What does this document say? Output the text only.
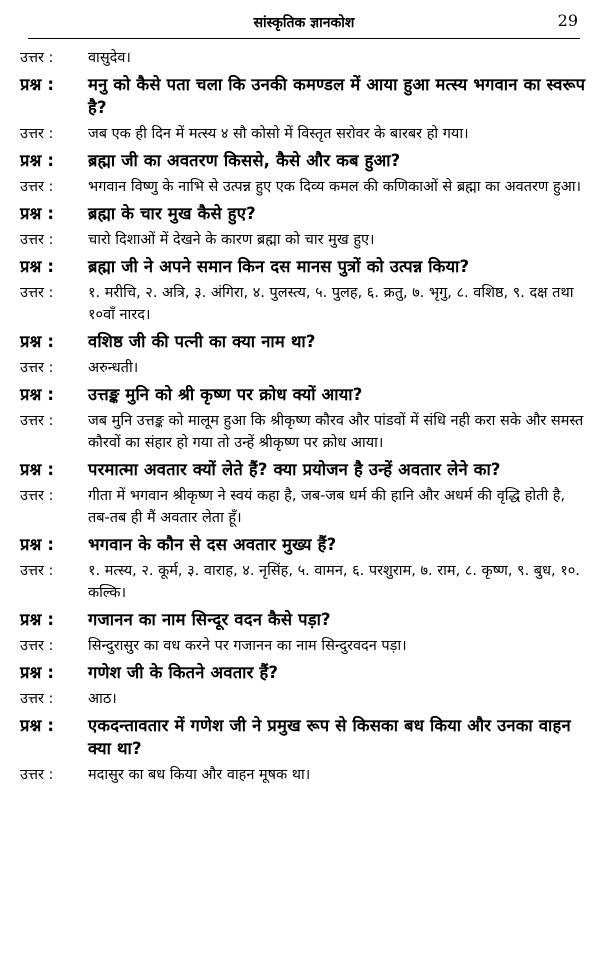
सांस्कृतिक ज्ञानकोश	29
उत्तर :	वासुदेव।
प्रश्न :	मनु को कैसे पता चला कि उनकी कमण्डल में आया हुआ मत्स्य भगवान का स्वरूप है?
उत्तर :	जब एक ही दिन में मत्स्य ४ सौ कोसो में विस्तृत सरोवर के बारबर हो गया।
प्रश्न :	ब्रह्मा जी का अवतरण किससे, कैसे और कब हुआ?
उत्तर :	भगवान विष्णु के नाभि से उत्पन्न हुए एक दिव्य कमल की कणिकाओं से ब्रह्मा का अवतरण हुआ।
प्रश्न :	ब्रह्मा के चार मुख कैसे हुए?
उत्तर :	चारो दिशाओं में देखने के कारण ब्रह्मा को चार मुख हुए।
प्रश्न :	ब्रह्मा जी ने अपने समान किन दस मानस पुत्रों को उत्पन्न किया?
उत्तर :	१. मरीचि, २. अत्रि, ३. अंगिरा, ४. पुलस्त्य, ५. पुलह, ६. क्रतु, ७. भृगु, ८. वशिष्ठ, ९. दक्ष तथा १०वाँ नारद।
प्रश्न :	वशिष्ठ जी की पत्नी का क्या नाम था?
उत्तर :	अरुन्धती।
प्रश्न :	उत्तङ्क मुनि को श्री कृष्ण पर क्रोध क्यों आया?
उत्तर :	जब मुनि उत्तङ्क को मालूम हुआ कि श्रीकृष्ण कौरव और पांडवों में संधि नही करा सके और समस्त कौरवों का संहार हो गया तो उन्हें श्रीकृष्ण पर क्रोध आया।
प्रश्न :	परमात्मा अवतार क्यों लेते हैं? क्या प्रयोजन है उन्हें अवतार लेने का?
उत्तर :	गीता में भगवान श्रीकृष्ण ने स्वयं कहा है, जब-जब धर्म की हानि और अधर्म की वृद्धि होती है, तब-तब ही मैं अवतार लेता हूँ।
प्रश्न :	भगवान के कौन से दस अवतार मुख्य हैं?
उत्तर :	१. मत्स्य, २. कूर्म, ३. वाराह, ४. नृसिंह, ५. वामन, ६. परशुराम, ७. राम, ८. कृष्ण, ९. बुध, १०. कल्कि।
प्रश्न :	गजानन का नाम सिन्दूर वदन कैसे पड़ा?
उत्तर :	सिन्दुरासुर का वध करने पर गजानन का नाम सिन्दुरवदन पड़ा।
प्रश्न :	गणेश जी के कितने अवतार हैं?
उत्तर :	आठ।
प्रश्न :	एकदन्तावतार में गणेश जी ने प्रमुख रूप से किसका बध किया और उनका वाहन क्या था?
उत्तर :	मदासुर का बध किया और वाहन मूषक था।
